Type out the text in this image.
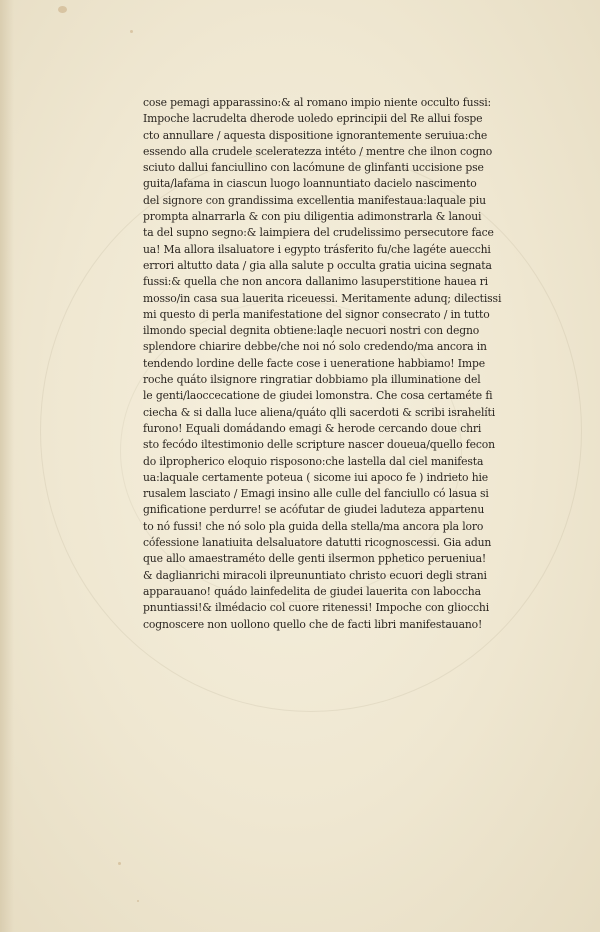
cose pemagi apparassino:& al romano impio niente occulto fussi:
Impoche lacrudelta dherode uoledo eprincipii del Re allui fospe
cto annullare / aquesta dispositione ignorantemente seruiua:che
essendo alla crudele sceleratezza intéto / mentre che ilnon cogno
sciuto dallui fanciullino con lacómune de glinfanti uccisione pse
guita/lafama in ciascun luogo loannuntiato dacielo nascimento
del signore con grandissima excellentia manifestaua:laquale piu
prompta alnarrarla & con piu diligentia adimonstrarla & lanoui
ta del supno segno:& laimpiera del crudelissimo persecutore face
ua! Ma allora ilsaluatore i egypto trásferito fu/che lagéte auecchi
errori altutto data / gia alla salute p occulta gratia uicina segnata
fussi:& quella che non ancora dallanimo lasuperstitione hauea ri
mosso/in casa sua lauerita riceuessi. Meritamente adunq; dilectissi
mi questo di perla manifestatione del signor consecrato / in tutto
ilmondo special degnita obtiene:laqle necuori nostri con degno
splendore chiarire debbe/che noi nó solo credendo/ma ancora in
tendendo lordine delle facte cose i ueneratione habbiamo! Impe
roche quáto ilsignore ringratiar dobbiamo pla illuminatione del
le genti/laoccecatione de giudei lomonstra. Che cosa certaméte fi
ciecha & si dalla luce aliena/quáto qlli sacerdoti & scribi israhelíti
furono! Equali domádando emagi & herode cercando doue chri
sto fecódo iltestimonio delle scripture nascer doueua/quello fecon
do ilpropherico eloquio risposono:che lastella dal ciel manifesta
ua:laquale certamente poteua ( sicome iui apoco fe ) indrieto hie
rusalem lasciato / Emagi insino alle culle del fanciullo có lasua si
gnificatione perdurre! se acófutar de giudei laduteza appartenu
to nó fussi! che nó solo pla guida della stella/ma ancora pla loro
cófessione lanatiuita delsaluatore datutti ricognoscessi. Gia adun
que allo amaestraméto delle genti ilsermon pphetico perueniua!
& daglianrichi miracoli ilpreununtiato christo ecuori degli strani
apparauano! quádo lainfedelita de giudei lauerita con laboccha
pnuntiassi!& ilmédacio col cuore ritenessi! Impoche con gliocchi
cognoscere non uollono quello che de facti libri manifestauano!
